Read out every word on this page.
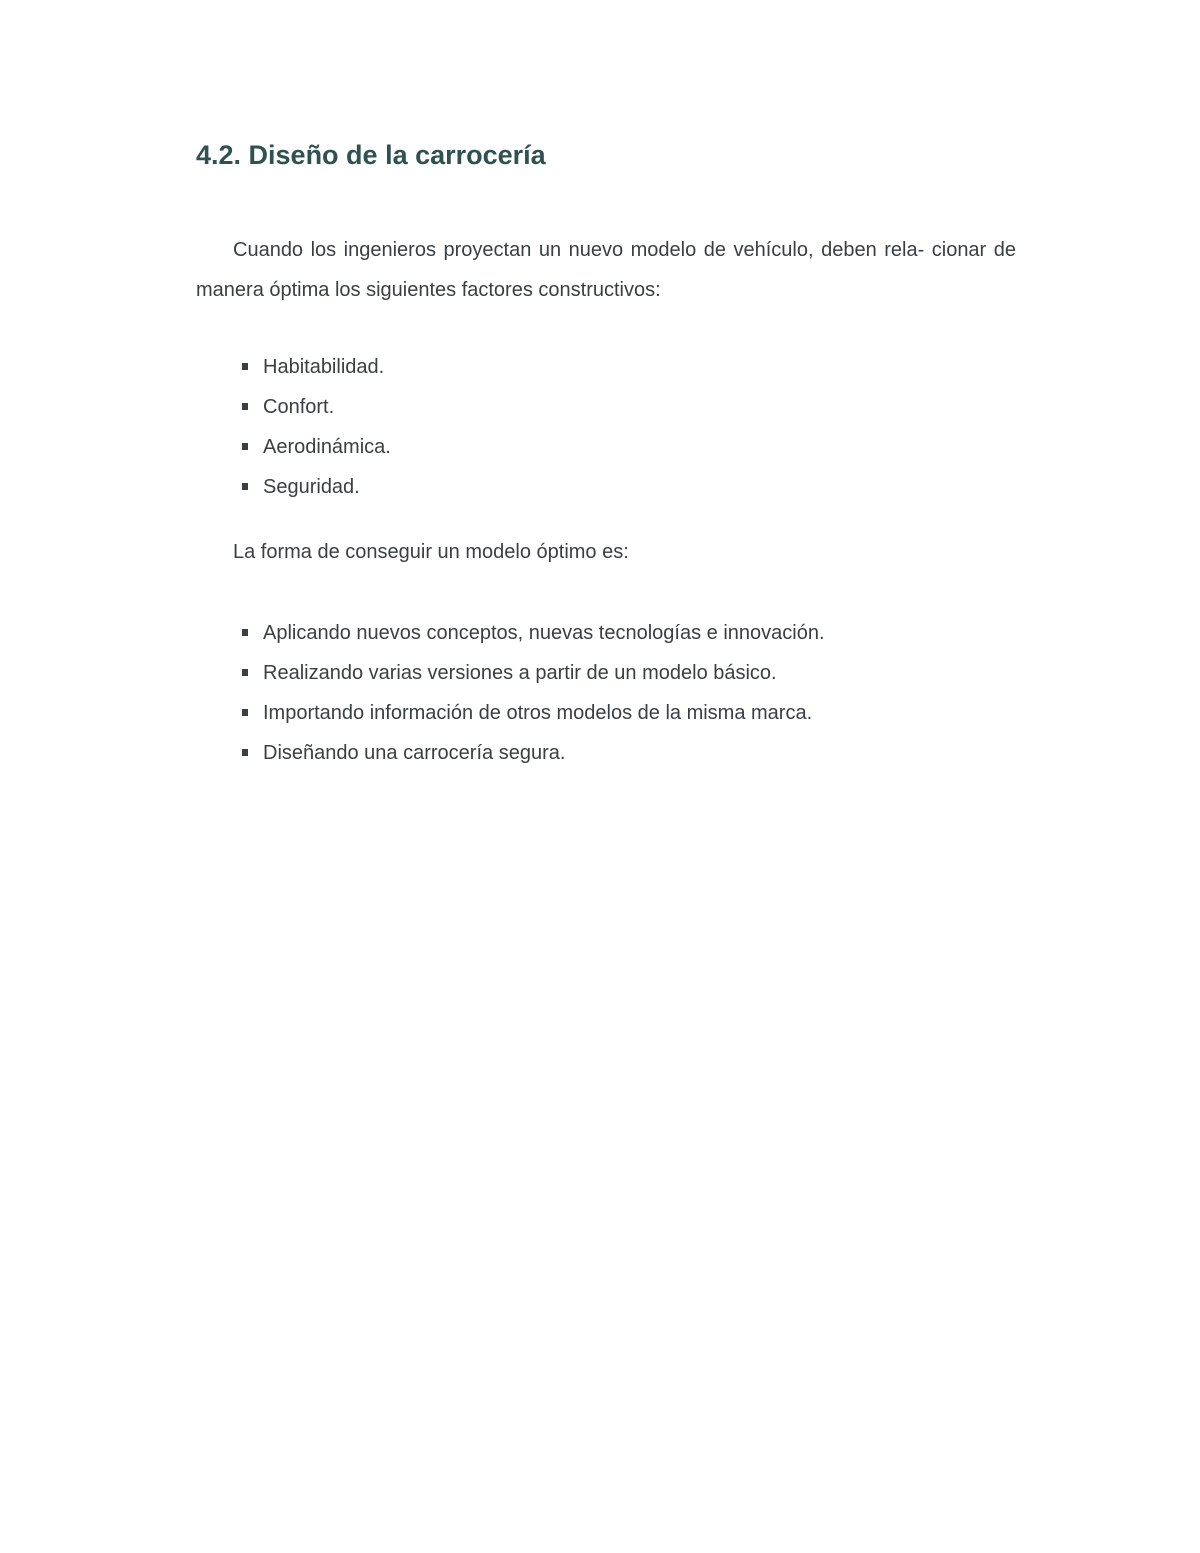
4.2. Diseño de la carrocería

Cuando los ingenieros proyectan un nuevo modelo de vehículo, deben rela- cionar de manera óptima los siguientes factores constructivos:

Habitabilidad.
Confort.
Aerodinámica.
Seguridad.

La forma de conseguir un modelo óptimo es:

Aplicando nuevos conceptos, nuevas tecnologías e innovación.
Realizando varias versiones a partir de un modelo básico.
Importando información de otros modelos de la misma marca.
Diseñando una carrocería segura.
